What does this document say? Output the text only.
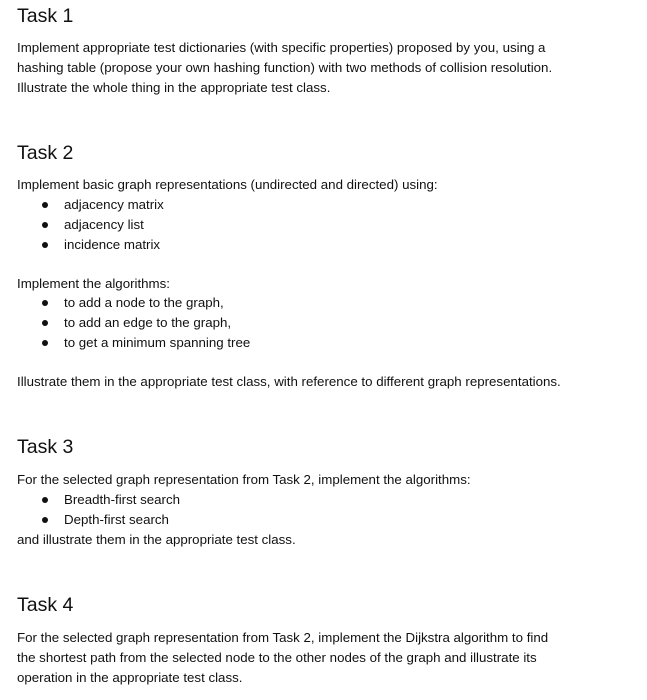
Task 1
Implement appropriate test dictionaries (with specific properties) proposed by you, using a
hashing table (propose your own hashing function) with two methods of collision resolution.
Illustrate the whole thing in the appropriate test class.
Task 2
Implement basic graph representations (undirected and directed) using:
adjacency matrix
adjacency list
incidence matrix
Implement the algorithms:
to add a node to the graph,
to add an edge to the graph,
to get a minimum spanning tree
Illustrate them in the appropriate test class, with reference to different graph representations.
Task 3
For the selected graph representation from Task 2, implement the algorithms:
Breadth-first search
Depth-first search
and illustrate them in the appropriate test class.
Task 4
For the selected graph representation from Task 2, implement the Dijkstra algorithm to find
the shortest path from the selected node to the other nodes of the graph and illustrate its
operation in the appropriate test class.
